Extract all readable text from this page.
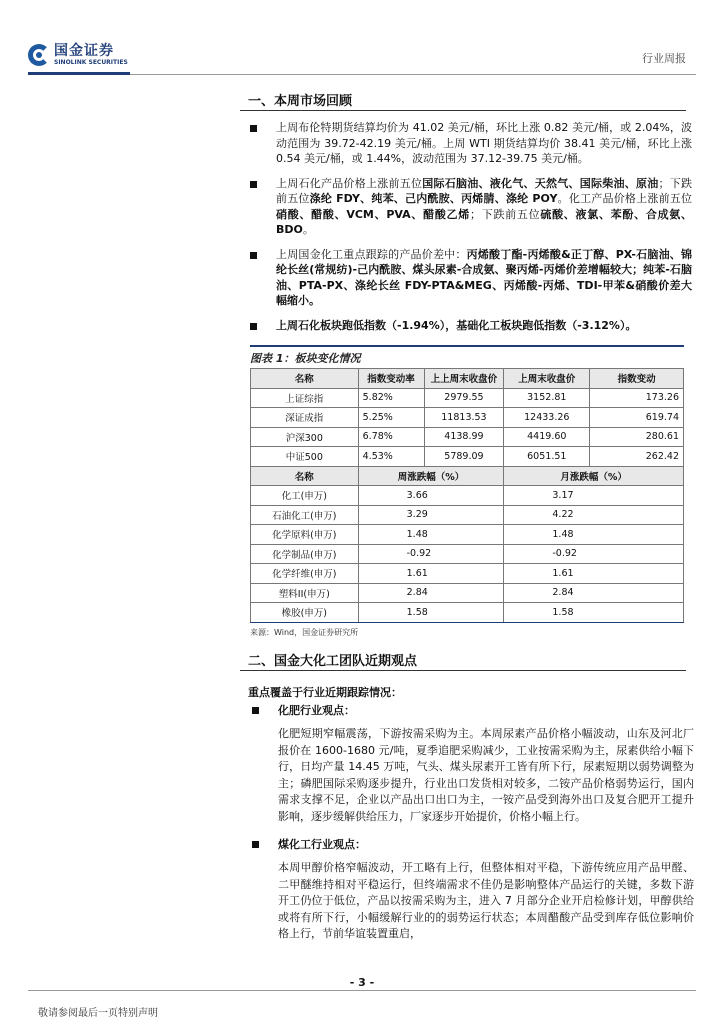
国金证券
SINOLINK SECURITIES	行业周报
一、本周市场回顾
上周布伦特期货结算均价为 41.02 美元/桶，环比上涨 0.82 美元/桶，或 2.04%，波动范围为 39.72-42.19 美元/桶。上周 WTI 期货结算均价 38.41 美元/桶，环比上涨 0.54 美元/桶，或 1.44%，波动范围为 37.12-39.75 美元/桶。
上周石化产品价格上涨前五位国际石脑油、液化气、天然气、国际柴油、原油；下跌前五位涤纶 FDY、纯苯、己内酰胺、丙烯腈、涤纶 POY。化工产品价格上涨前五位硝酸、醋酸、VCM、PVA、醋酸乙烯；下跌前五位硫酸、液氯、苯酚、合成氨、BDO。
上周国金化工重点跟踪的产品价差中：丙烯酸丁酯-丙烯酸&正丁醇、PX-石脑油、锦纶长丝(常规纺)-己内酰胺、煤头尿素-合成氨、聚丙烯-丙烯价差增幅较大；纯苯-石脑油、PTA-PX、涤纶长丝 FDY-PTA&MEG、丙烯酸-丙烯、TDI-甲苯&硝酸价差大幅缩小。
上周石化板块跑低指数（-1.94%），基础化工板块跑低指数（-3.12%）。
图表 1：板块变化情况
名称	指数变动率	上上周末收盘价	上周末收盘价	指数变动
上证综指	5.82%	2979.55	3152.81	173.26
深证成指	5.25%	11813.53	12433.26	619.74
沪深300	6.78%	4138.99	4419.60	280.61
中证500	4.53%	5789.09	6051.51	262.42
名称	周涨跌幅（%）		月涨跌幅（%）	
化工(申万)	3.66		3.17	
石油化工(申万)	3.29		4.22	
化学原料(申万)	1.48		1.48	
化学制品(申万)	-0.92		-0.92	
化学纤维(申万)	1.61		1.61	
塑料II(申万)	2.84		2.84	
橡胶(申万)	1.58		1.58	
来源：Wind，国金证券研究所
二、国金大化工团队近期观点
重点覆盖于行业近期跟踪情况：
化肥行业观点：
化肥短期窄幅震荡，下游按需采购为主。本周尿素产品价格小幅波动，山东及河北厂报价在 1600-1680 元/吨，夏季追肥采购减少，工业按需采购为主，尿素供给小幅下行，日均产量 14.45 万吨，气头、煤头尿素开工皆有所下行，尿素短期以弱势调整为主；磷肥国际采购逐步提升，行业出口发货相对较多，二铵产品价格弱势运行，国内需求支撑不足，企业以产品出口出口为主，一铵产品受到海外出口及复合肥开工提升影响，逐步缓解供给压力，厂家逐步开始提价，价格小幅上行。
煤化工行业观点：
本周甲醇价格窄幅波动，开工略有上行，但整体相对平稳，下游传统应用产品甲醛、二甲醚维持相对平稳运行，但终端需求不佳仍是影响整体产品运行的关键，多数下游开工仍位于低位，产品以按需采购为主，进入 7 月部分企业开启检修计划，甲醇供给或将有所下行，小幅缓解行业的的弱势运行状态；本周醋酸产品受到库存低位影响价格上行，节前华谊装置重启，
- 3 -
敬请参阅最后一页特别声明
